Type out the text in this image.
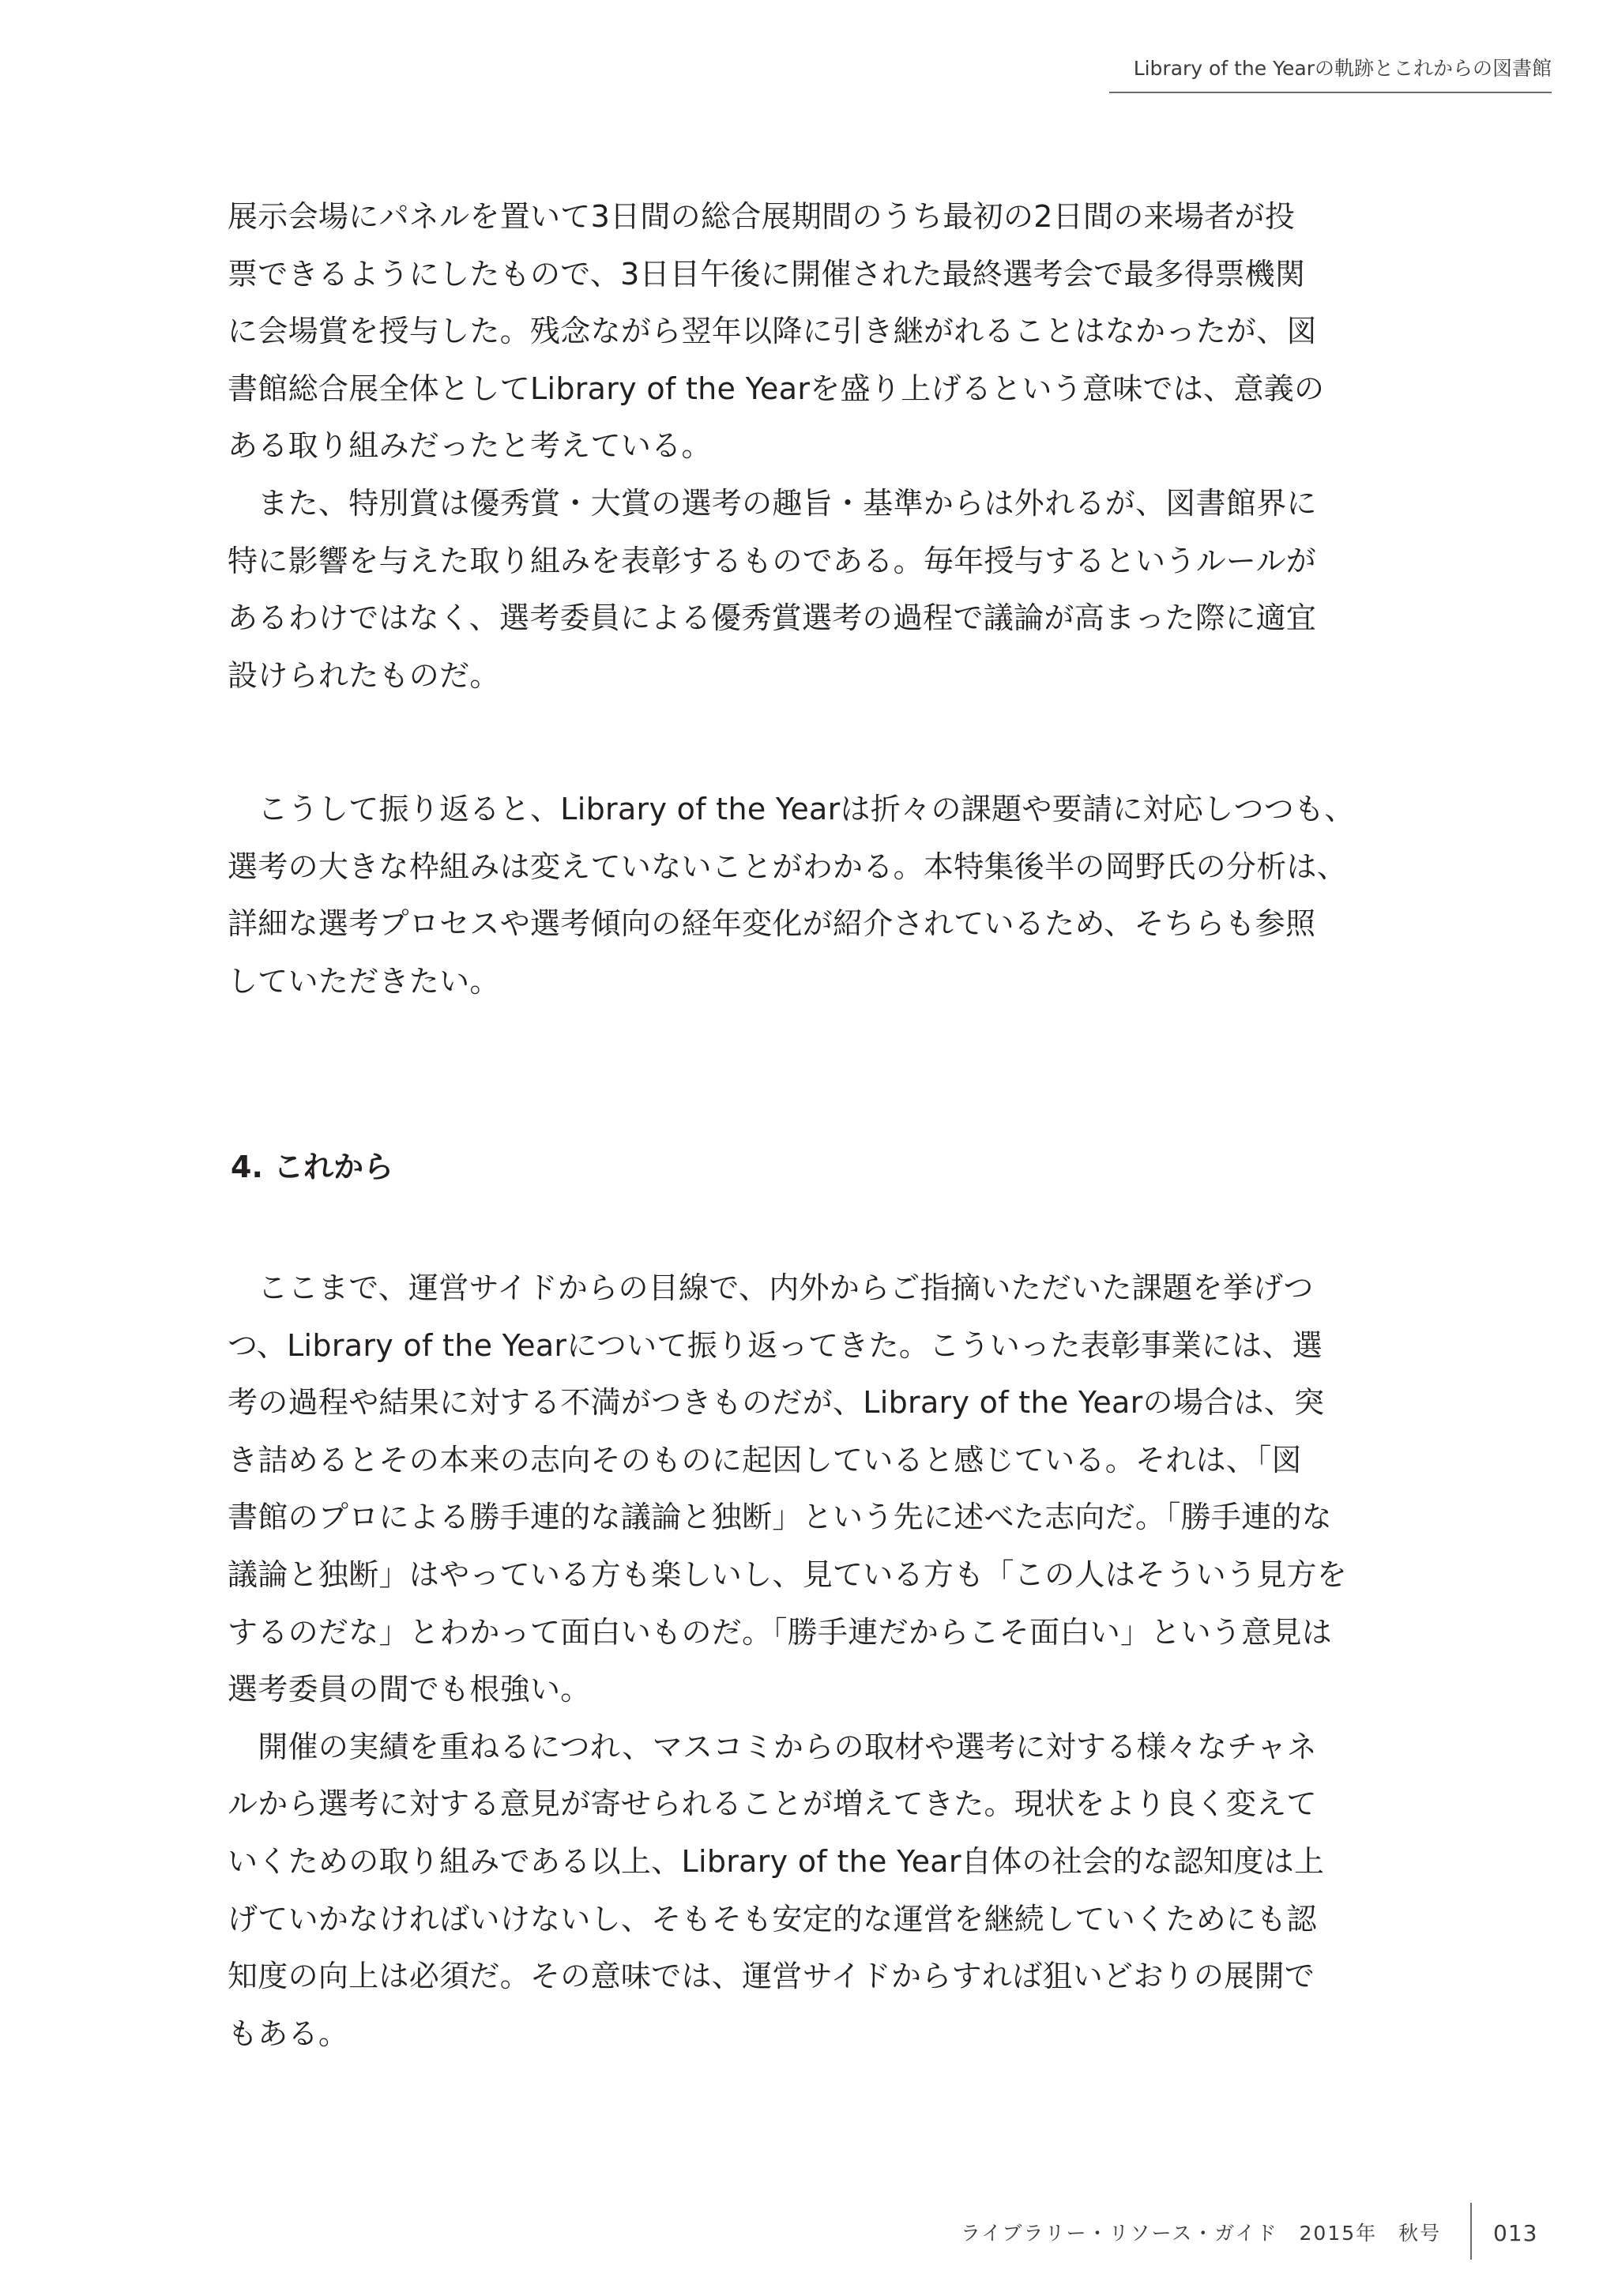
Library of the Yearの軌跡とこれからの図書館
展示会場にパネルを置いて3日間の総合展期間のうち最初の2日間の来場者が投
票できるようにしたもので、3日目午後に開催された最終選考会で最多得票機関
に会場賞を授与した。残念ながら翌年以降に引き継がれることはなかったが、図
書館総合展全体としてLibrary of the Yearを盛り上げるという意味では、意義の
ある取り組みだったと考えている。
　また、特別賞は優秀賞・大賞の選考の趣旨・基準からは外れるが、図書館界に
特に影響を与えた取り組みを表彰するものである。毎年授与するというルールが
あるわけではなく、選考委員による優秀賞選考の過程で議論が高まった際に適宜
設けられたものだ。
　こうして振り返ると、Library of the Yearは折々の課題や要請に対応しつつも、
選考の大きな枠組みは変えていないことがわかる。本特集後半の岡野氏の分析は、
詳細な選考プロセスや選考傾向の経年変化が紹介されているため、そちらも参照
していただきたい。
4. これから
　ここまで、運営サイドからの目線で、内外からご指摘いただいた課題を挙げつ
つ、Library of the Yearについて振り返ってきた。こういった表彰事業には、選
考の過程や結果に対する不満がつきものだが、Library of the Yearの場合は、突
き詰めるとその本来の志向そのものに起因していると感じている。それは、「図
書館のプロによる勝手連的な議論と独断」という先に述べた志向だ。「勝手連的な
議論と独断」はやっている方も楽しいし、見ている方も「この人はそういう見方を
するのだな」とわかって面白いものだ。「勝手連だからこそ面白い」という意見は
選考委員の間でも根強い。
　開催の実績を重ねるにつれ、マスコミからの取材や選考に対する様々なチャネ
ルから選考に対する意見が寄せられることが増えてきた。現状をより良く変えて
いくための取り組みである以上、Library of the Year自体の社会的な認知度は上
げていかなければいけないし、そもそも安定的な運営を継続していくためにも認
知度の向上は必須だ。その意味では、運営サイドからすれば狙いどおりの展開で
もある。
ライブラリー・リソース・ガイド　2015年　秋号 013
